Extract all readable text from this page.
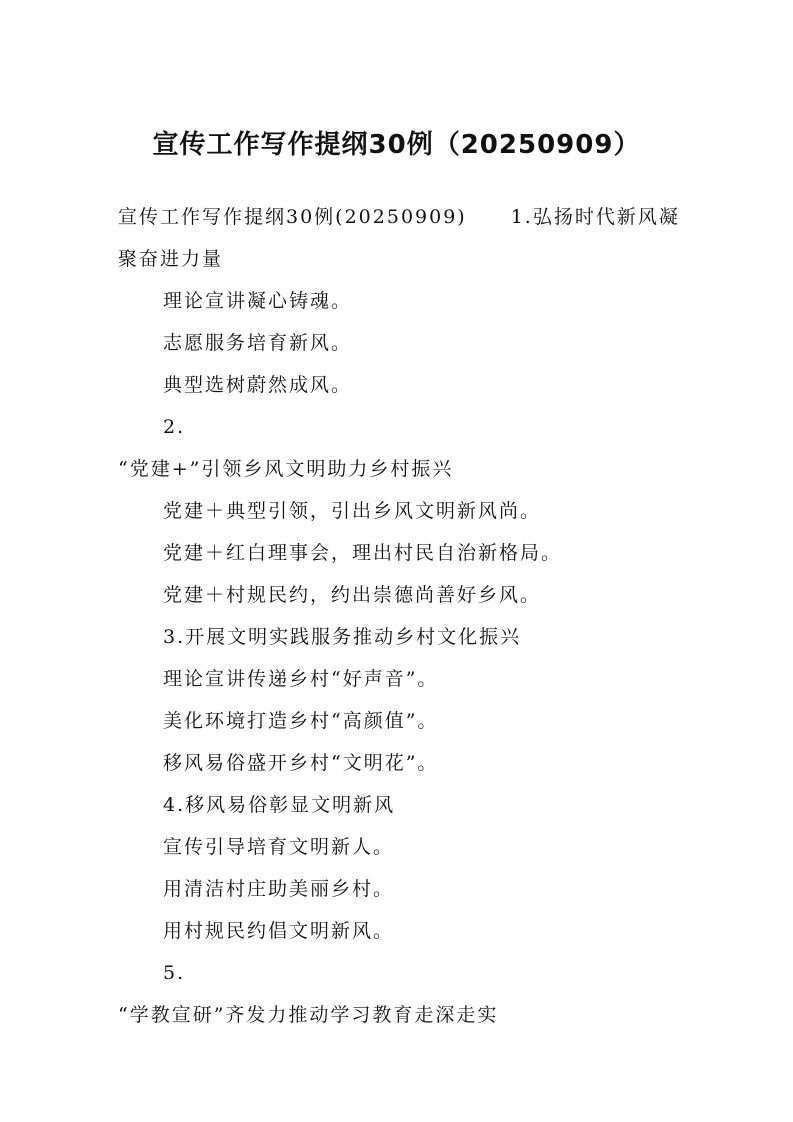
宣传工作写作提纲30例（20250909）
宣传工作写作提纲30例(20250909) 1.弘扬时代新风凝
聚奋进力量
理论宣讲凝心铸魂。
志愿服务培育新风。
典型选树蔚然成风。
2.
“党建+”引领乡风文明助力乡村振兴
党建＋典型引领，引出乡风文明新风尚。
党建＋红白理事会，理出村民自治新格局。
党建＋村规民约，约出崇德尚善好乡风。
3.开展文明实践服务推动乡村文化振兴
理论宣讲传递乡村“好声音”。
美化环境打造乡村“高颜值”。
移风易俗盛开乡村“文明花”。
4.移风易俗彰显文明新风
宣传引导培育文明新人。
用清洁村庄助美丽乡村。
用村规民约倡文明新风。
5.
“学教宣研”齐发力推动学习教育走深走实
